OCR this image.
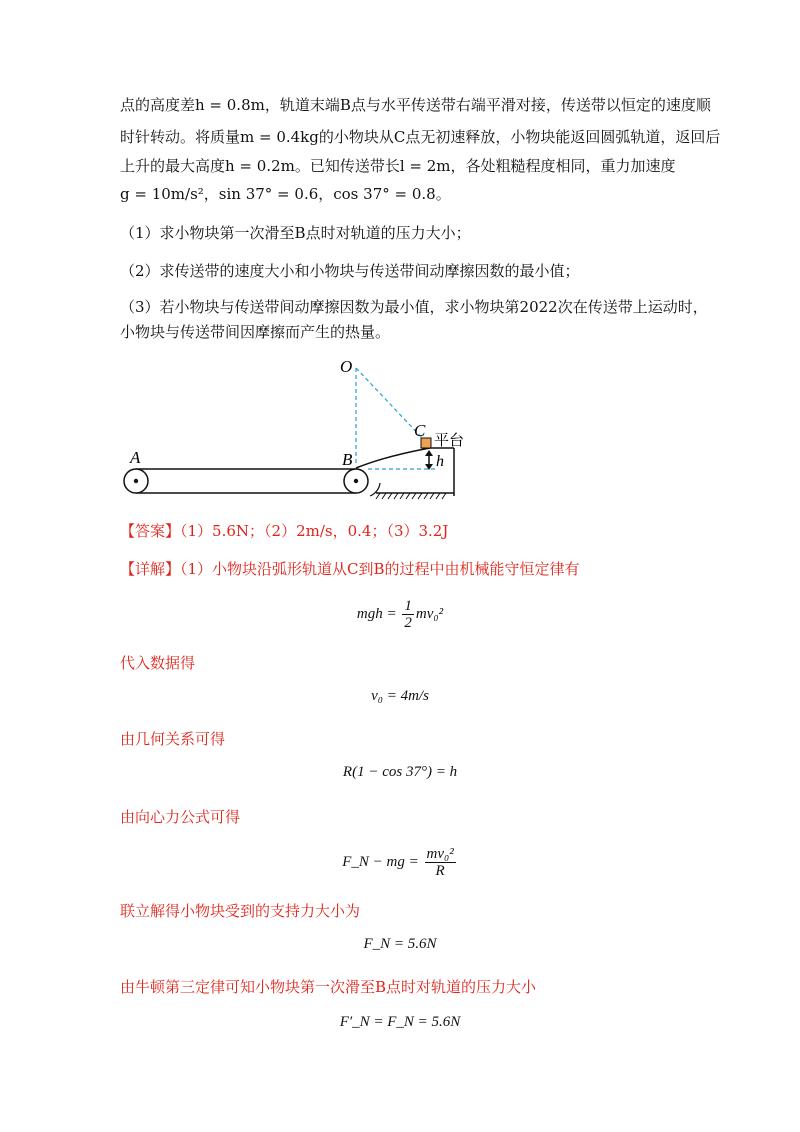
点的高度差h = 0.8m，轨道末端B点与水平传送带右端平滑对接，传送带以恒定的速度顺
时针转动。将质量m = 0.4kg的小物块从C点无初速释放，小物块能返回圆弧轨道，返回后
上升的最大高度h = 0.2m。已知传送带长l = 2m，各处粗糙程度相同，重力加速度
g = 10m/s²，sin 37° = 0.6，cos 37° = 0.8。
（1）求小物块第一次滑至B点时对轨道的压力大小；
（2）求传送带的速度大小和小物块与传送带间动摩擦因数的最小值；
（3）若小物块与传送带间动摩擦因数为最小值，求小物块第2022次在传送带上运动时，
小物块与传送带间因摩擦而产生的热量。
O
C 平台
h
A	B
【答案】（1）5.6N；（2）2m/s，0.4；（3）3.2J
【详解】（1）小物块沿弧形轨道从C到B的过程中由机械能守恒定律有
mgh = $\frac{1}{2} mv_0^2$
代入数据得
v₀ = 4m/s
由几何关系可得
R(1 − cos 37°) = h
由向心力公式可得
F_N − mg = $\frac{\text{mv₀²}}{R}$
联立解得小物块受到的支持力大小为
F_N = 5.6N
由牛顿第三定律可知小物块第一次滑至B点时对轨道的压力大小
F′_N = F_N = 5.6N
